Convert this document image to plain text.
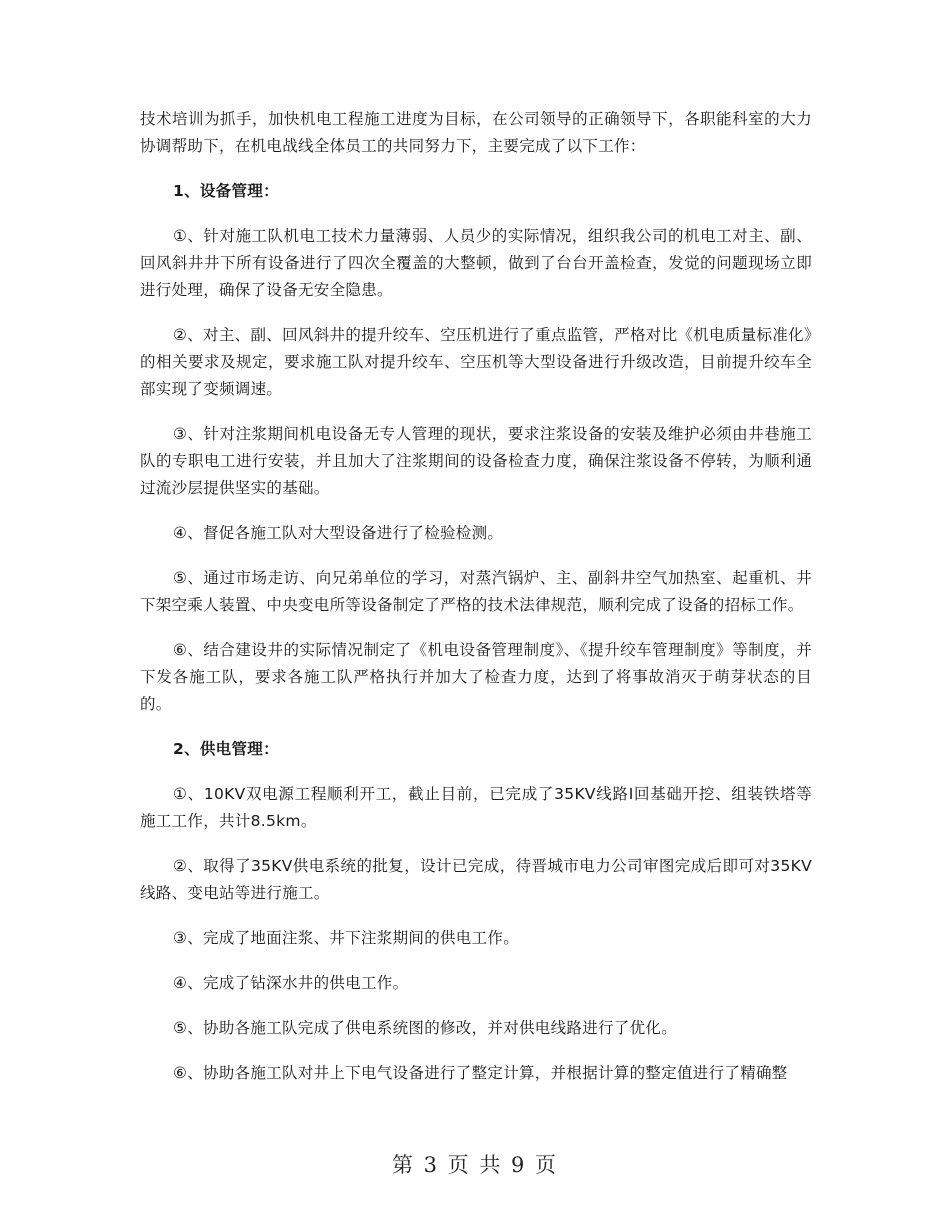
技术培训为抓手，加快机电工程施工进度为目标，在公司领导的正确领导下，各职能科室的大力协调帮助下，在机电战线全体员工的共同努力下，主要完成了以下工作：

1、设备管理：

①、针对施工队机电工技术力量薄弱、人员少的实际情况，组织我公司的机电工对主、副、回风斜井井下所有设备进行了四次全覆盖的大整顿，做到了台台开盖检查，发觉的问题现场立即进行处理，确保了设备无安全隐患。

②、对主、副、回风斜井的提升绞车、空压机进行了重点监管，严格对比《机电质量标准化》的相关要求及规定，要求施工队对提升绞车、空压机等大型设备进行升级改造，目前提升绞车全部实现了变频调速。

③、针对注浆期间机电设备无专人管理的现状，要求注浆设备的安装及维护必须由井巷施工队的专职电工进行安装，并且加大了注浆期间的设备检查力度，确保注浆设备不停转，为顺利通过流沙层提供坚实的基础。

④、督促各施工队对大型设备进行了检验检测。

⑤、通过市场走访、向兄弟单位的学习，对蒸汽锅炉、主、副斜井空气加热室、起重机、井下架空乘人装置、中央变电所等设备制定了严格的技术法律规范，顺利完成了设备的招标工作。

⑥、结合建设井的实际情况制定了《机电设备管理制度》、《提升绞车管理制度》等制度，并下发各施工队，要求各施工队严格执行并加大了检查力度，达到了将事故消灭于萌芽状态的目的。

2、供电管理：

①、10KV双电源工程顺利开工，截止目前，已完成了35KV线路I回基础开挖、组装铁塔等施工工作，共计8.5km。

②、取得了35KV供电系统的批复，设计已完成，待晋城市电力公司审图完成后即可对35KV线路、变电站等进行施工。

③、完成了地面注浆、井下注浆期间的供电工作。

④、完成了钻深水井的供电工作。

⑤、协助各施工队完成了供电系统图的修改，并对供电线路进行了优化。

⑥、协助各施工队对井上下电气设备进行了整定计算，并根据计算的整定值进行了精确整

第 3 页 共 9 页
